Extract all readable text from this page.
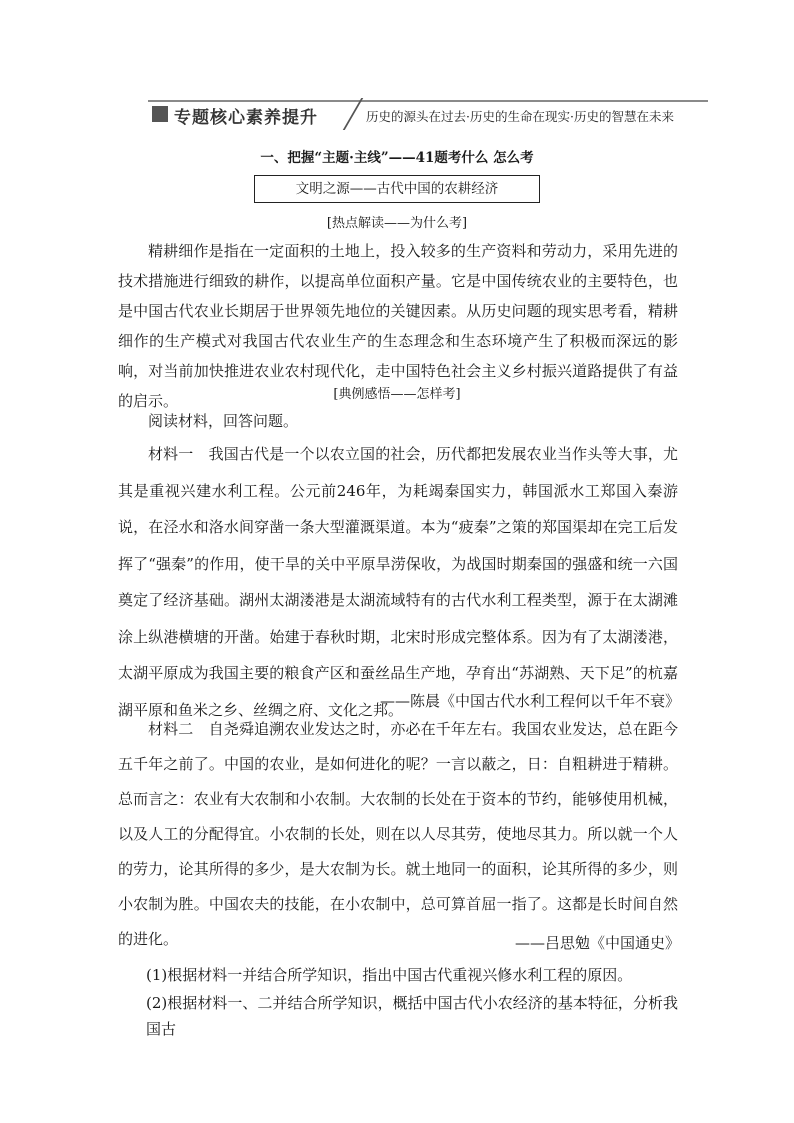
专题核心素养提升	历史的源头在过去·历史的生命在现实·历史的智慧在未来
一、把握“主题·主线”——41题考什么 怎么考
文明之源——古代中国的农耕经济
[热点解读——为什么考]
精耕细作是指在一定面积的土地上，投入较多的生产资料和劳动力，采用先进的技术措施进行细致的耕作，以提高单位面积产量。它是中国传统农业的主要特色，也是中国古代农业长期居于世界领先地位的关键因素。从历史问题的现实思考看，精耕细作的生产模式对我国古代农业生产的生态理念和生态环境产生了积极而深远的影响，对当前加快推进农业农村现代化，走中国特色社会主义乡村振兴道路提供了有益的启示。	[典例感悟——怎样考]
阅读材料，回答问题。
材料一　我国古代是一个以农立国的社会，历代都把发展农业当作头等大事，尤其是重视兴建水利工程。公元前246年，为耗竭秦国实力，韩国派水工郑国入秦游说，在泾水和洛水间穿凿一条大型灌溉渠道。本为“疲秦”之策的郑国渠却在完工后发挥了“强秦”的作用，使干旱的关中平原旱涝保收，为战国时期秦国的强盛和统一六国奠定了经济基础。湖州太湖溇港是太湖流域特有的古代水利工程类型，源于在太湖滩涂上纵港横塘的开凿。始建于春秋时期，北宋时形成完整体系。因为有了太湖溇港，太湖平原成为我国主要的粮食产区和蚕丝品生产地，孕育出“苏湖熟、天下足”的杭嘉湖平原和鱼米之乡、丝绸之府、文化之邦。
——陈晨《中国古代水利工程何以千年不衰》
材料二　自尧舜追溯农业发达之时，亦必在千年左右。我国农业发达，总在距今五千年之前了。中国的农业，是如何进化的呢？一言以蔽之，日：自粗耕进于精耕。总而言之：农业有大农制和小农制。大农制的长处在于资本的节约，能够使用机械，以及人工的分配得宜。小农制的长处，则在以人尽其劳，使地尽其力。所以就一个人的劳力，论其所得的多少，是大农制为长。就土地同一的面积，论其所得的多少，则小农制为胜。中国农夫的技能，在小农制中，总可算首屈一指了。这都是长时间自然的进化。	——吕思勉《中国通史》
(1)根据材料一并结合所学知识，指出中国古代重视兴修水利工程的原因。
(2)根据材料一、二并结合所学知识，概括中国古代小农经济的基本特征，分析我国古
